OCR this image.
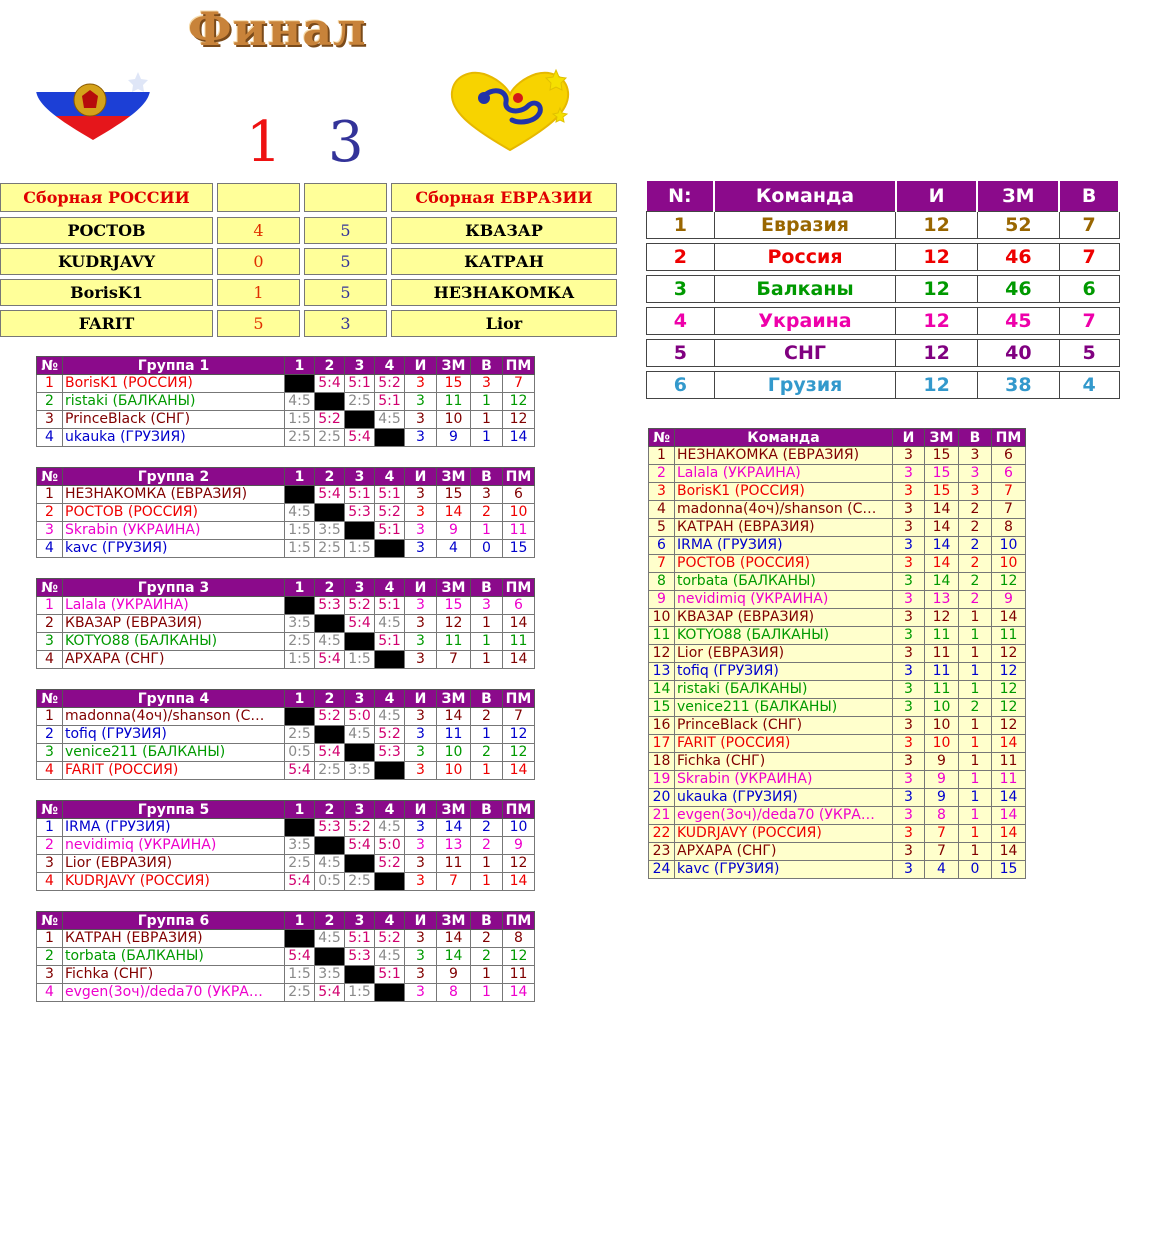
Финал
1 3
Сборная РОССИИ	Сборная ЕВРАЗИИ
РОСТОВ	4	5	КВАЗАР
KUDRJAVY	0	5	КАТРАН
BorisK1	1	5	НЕЗНАКОМКА
FARIT	5	3	Lior
N:	Команда	И	ЗМ	В
1	Евразия	12	52	7

2	Россия	12	46	7

3	Балканы	12	46	6

4	Украина	12	45	7

5	СНГ	12	40	5

6	Грузия	12	38	4
№	Группа 1	1	2	3	4	И	ЗМ	В	ПМ
1	BorisK1 (РОССИЯ)		5:4	5:1	5:2	3	15	3	7
2	ristaki (БАЛКАНЫ)	4:5		2:5	5:1	3	11	1	12
3	PrinceBlack (СНГ)	1:5	5:2		4:5	3	10	1	12
4	ukauka (ГРУЗИЯ)	2:5	2:5	5:4		3	9	1	14
№	Группа 2	1	2	3	4	И	ЗМ	В	ПМ
1	НЕЗНАКОМКА (ЕВРАЗИЯ)		5:4	5:1	5:1	3	15	3	6
2	РОСТОВ (РОССИЯ)	4:5		5:3	5:2	3	14	2	10
3	Skrabin (УКРАИНА)	1:5	3:5		5:1	3	9	1	11
4	kavc (ГРУЗИЯ)	1:5	2:5	1:5		3	4	0	15
№	Группа 3	1	2	3	4	И	ЗМ	В	ПМ
1	Lalala (УКРАИНА)		5:3	5:2	5:1	3	15	3	6
2	КВАЗАР (ЕВРАЗИЯ)	3:5		5:4	4:5	3	12	1	14
3	KOTYO88 (БАЛКАНЫ)	2:5	4:5		5:1	3	11	1	11
4	АРХАРА (СНГ)	1:5	5:4	1:5		3	7	1	14
№	Группа 4	1	2	3	4	И	ЗМ	В	ПМ
1	madonna(4оч)/shanson (С…		5:2	5:0	4:5	3	14	2	7
2	tofiq (ГРУЗИЯ)	2:5		4:5	5:2	3	11	1	12
3	venice211 (БАЛКАНЫ)	0:5	5:4		5:3	3	10	2	12
4	FARIT (РОССИЯ)	5:4	2:5	3:5		3	10	1	14
№	Группа 5	1	2	3	4	И	ЗМ	В	ПМ
1	IRMA (ГРУЗИЯ)		5:3	5:2	4:5	3	14	2	10
2	nevidimiq (УКРАИНА)	3:5		5:4	5:0	3	13	2	9
3	Lior (ЕВРАЗИЯ)	2:5	4:5		5:2	3	11	1	12
4	KUDRJAVY (РОССИЯ)	5:4	0:5	2:5		3	7	1	14
№	Группа 6	1	2	3	4	И	ЗМ	В	ПМ
1	КАТРАН (ЕВРАЗИЯ)		4:5	5:1	5:2	3	14	2	8
2	torbata (БАЛКАНЫ)	5:4		5:3	4:5	3	14	2	12
3	Fichka (СНГ)	1:5	3:5		5:1	3	9	1	11
4	evgen(3оч)/deda70 (УКРА…	2:5	5:4	1:5		3	8	1	14
№	Команда	И	ЗМ	В	ПМ
1	НЕЗНАКОМКА (ЕВРАЗИЯ)	3	15	3	6
2	Lalala (УКРАИНА)	3	15	3	6
3	BorisK1 (РОССИЯ)	3	15	3	7
4	madonna(4оч)/shanson (С…	3	14	2	7
5	КАТРАН (ЕВРАЗИЯ)	3	14	2	8
6	IRMA (ГРУЗИЯ)	3	14	2	10
7	РОСТОВ (РОССИЯ)	3	14	2	10
8	torbata (БАЛКАНЫ)	3	14	2	12
9	nevidimiq (УКРАИНА)	3	13	2	9
10	КВАЗАР (ЕВРАЗИЯ)	3	12	1	14
11	KOTYO88 (БАЛКАНЫ)	3	11	1	11
12	Lior (ЕВРАЗИЯ)	3	11	1	12
13	tofiq (ГРУЗИЯ)	3	11	1	12
14	ristaki (БАЛКАНЫ)	3	11	1	12
15	venice211 (БАЛКАНЫ)	3	10	2	12
16	PrinceBlack (СНГ)	3	10	1	12
17	FARIT (РОССИЯ)	3	10	1	14
18	Fichka (СНГ)	3	9	1	11
19	Skrabin (УКРАИНА)	3	9	1	11
20	ukauka (ГРУЗИЯ)	3	9	1	14
21	evgen(3оч)/deda70 (УКРА…	3	8	1	14
22	KUDRJAVY (РОССИЯ)	3	7	1	14
23	АРХАРА (СНГ)	3	7	1	14
24	kavc (ГРУЗИЯ)	3	4	0	15
